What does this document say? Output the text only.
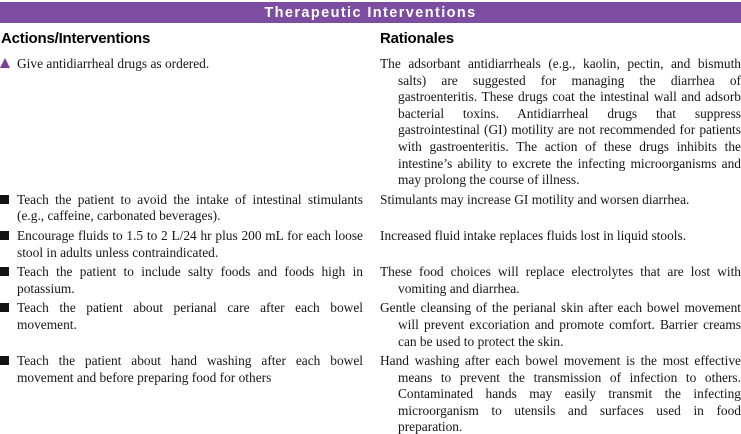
Therapeutic Interventions
Actions/Interventions	Rationales

Give antidiarrheal drugs as ordered.	The adsorbant antidiarrheals (e.g., kaolin, pectin, and bismuth salts) are suggested for managing the diarrhea of gastroenteritis. These drugs coat the intestinal wall and adsorb bacterial toxins. Antidiarrheal drugs that suppress gastrointestinal (GI) motility are not recommended for patients with gastroenteritis. The action of these drugs inhibits the intestine’s ability to excrete the infecting microorganisms and may prolong the course of illness.

Teach the patient to avoid the intake of intestinal stimulants (e.g., caffeine, carbonated beverages).

Stimulants may increase GI motility and worsen diarrhea.

Encourage fluids to 1.5 to 2 L/24 hr plus 200 mL for each loose stool in adults unless contraindicated.

Increased fluid intake replaces fluids lost in liquid stools.

Teach the patient to include salty foods and foods high in potassium.

These food choices will replace electrolytes that are lost with vomiting and diarrhea.

Teach the patient about perianal care after each bowel movement.

Gentle cleansing of the perianal skin after each bowel movement will prevent excoriation and promote comfort. Barrier creams can be used to protect the skin.

Teach the patient about hand washing after each bowel movement and before preparing food for others

Hand washing after each bowel movement is the most effective means to prevent the transmission of infection to others. Contaminated hands may easily transmit the infecting microorganism to utensils and surfaces used in food preparation.
